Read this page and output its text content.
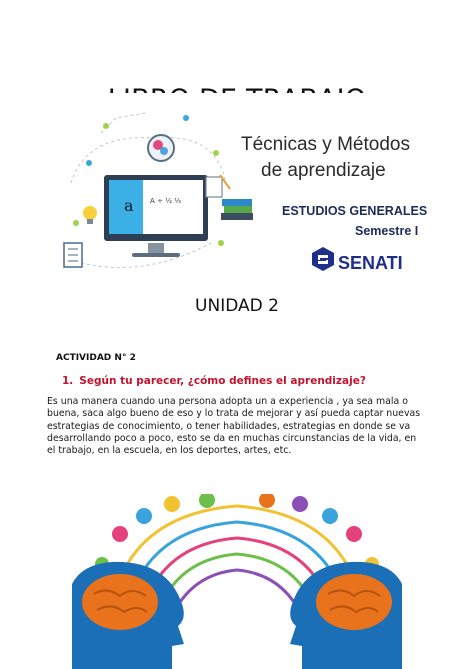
a A ÷ ½ ⅓
Técnicas y Métodos
de aprendizaje
ESTUDIOS GENERALES
Semestre I
SENATI
UNIDAD 2
ACTIVIDAD N° 2
1. Según tu parecer, ¿cómo defines el aprendizaje?

Es una manera cuando una persona adopta un a experiencia , ya sea mala o buena, saca algo bueno de eso y lo trata de mejorar y así pueda captar nuevas estrategias de conocimiento, o tener habilidades, estrategias en donde se va desarrollando poco a poco, esto se da en muchas circunstancias de la vida, en el trabajo, en la escuela, en los deportes, artes, etc.
